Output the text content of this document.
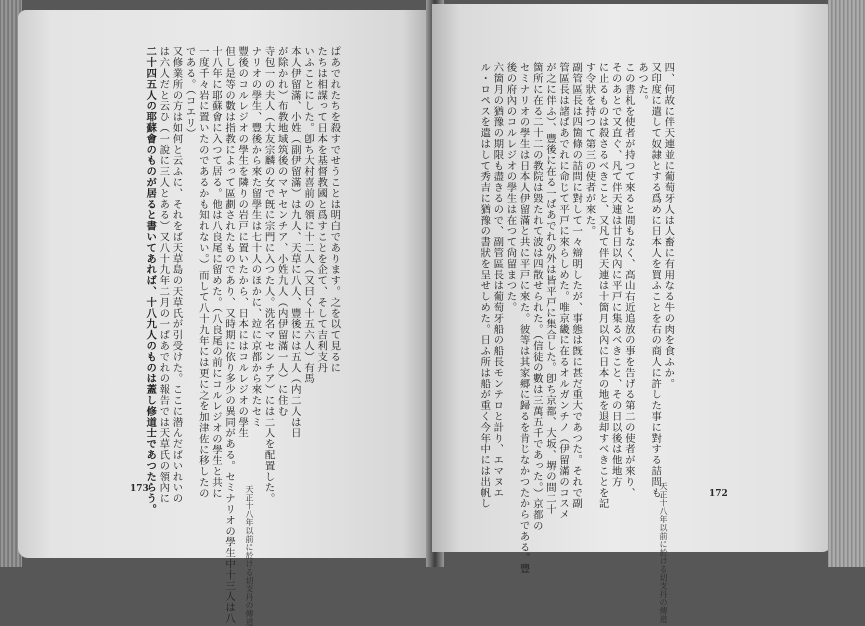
ぱあでれたちを殺すでせうことは明白であります。之を以て見るに
たちは相謀って日本を基督教國と爲すことを企て、そして吉利支丹
いふことにした。卽ち大村喜前の領に十二人（又曰く十五六人）有馬
本人伊留滿、小姓（副伊留滿）は九人、天草に八人、豐後には五人（内二人は日
が除かれ）布教地域筑後のマヤセンチア、小姓九人（内伊留滿一人）に住む
寺包一の夫人（大友宗麟の女で旣に宗門に入つた人。洗名マセンチア）には二人を配置した。
ナリオの學生、豐後から來た留學生は七十人のほかに、竝に京都から來たセミ
豐後のコルレジオの學生を隣りの岩戸に置いたから、日本にはコルレジオの學生
但し是等の數は指教によって區劃されたものであり、又時期に依り多少の異同がある。セミナリオの學生中十三人は八
十八年に耶蘇會に入つて居る。他は八良尾に留めた。（八良尾の前にコルレジオの學生と共に
一度千々岩に置いたのであるかも知れない。）而して八十九年には更に之を加津佐に移したの
である。（コエリ）
又修業所の方は如何と云ふに、それをば天草島の天草氏が引受けた。ここに潜んだばいれいの
は六人だと云ひ（一說に三人とある）又八十九年二月の一ぱあでれの報告では天草氏の領內に
二十四五人の耶蘇會のものが居ると書いてあれば、十八九人のものは蓋し修道士であつたらう。
天正十八年以前に於ける切支丹の傳道
173
四、何故に伴天連並に葡萄牙人は人畜に有用なる牛の肉を食ふか。
又印度に遣して奴隷とする爲めに日本人を買ふことを右の商人に許した事に對する詰問も
あつた。
この書札を使者が持つて來ると間もなく、高山右近追放の事を告げる第二の使者が來り、
そのあとで又直ぐ、凡て伴天連は廿日以內に平戸に集るべきこと、その日以後は他地方
に止るものは殺さるべきこと、又凡て伴天連は十箇月以內に日本の地を退却すべきことを記
す令狀を持つて第三の使者が來た。
副管區長は四箇條の詰問に對して一々辯明したが、事態は旣に甚だ重大であつた。それで副
管區長は諸ぱあでれに命じて平戸に來らしめた。唯京畿に在るオルガンチノ（伊留滿のコスメ
が之に伴ふ）、豐後に在る一ぱあでれの外は皆平戸に集合した。卽ち京都、大坂、堺の間二十
箇所に在る二十二の教院は毀たれて波は四散せられた。（信徒の數は三萬五千であった。）京都の
セミナリオの學生は日本人伊留滿と共に平戸に來た。彼等は其家郷に歸るを肯じなかつたからである。豐
後の府內のコルレジオの學生は在つて尙留まつた。
六箇月の猶豫の期限も盡きるので、副管區長は葡萄牙船の船長モンテロと計り、エマヌエ
ル・ロペスを遣はして秀吉に猶豫の書狀を呈せしめた。日ふ所は船が重く今年中には出帆し
天正十八年以前に於ける切支丹の傳道	172
